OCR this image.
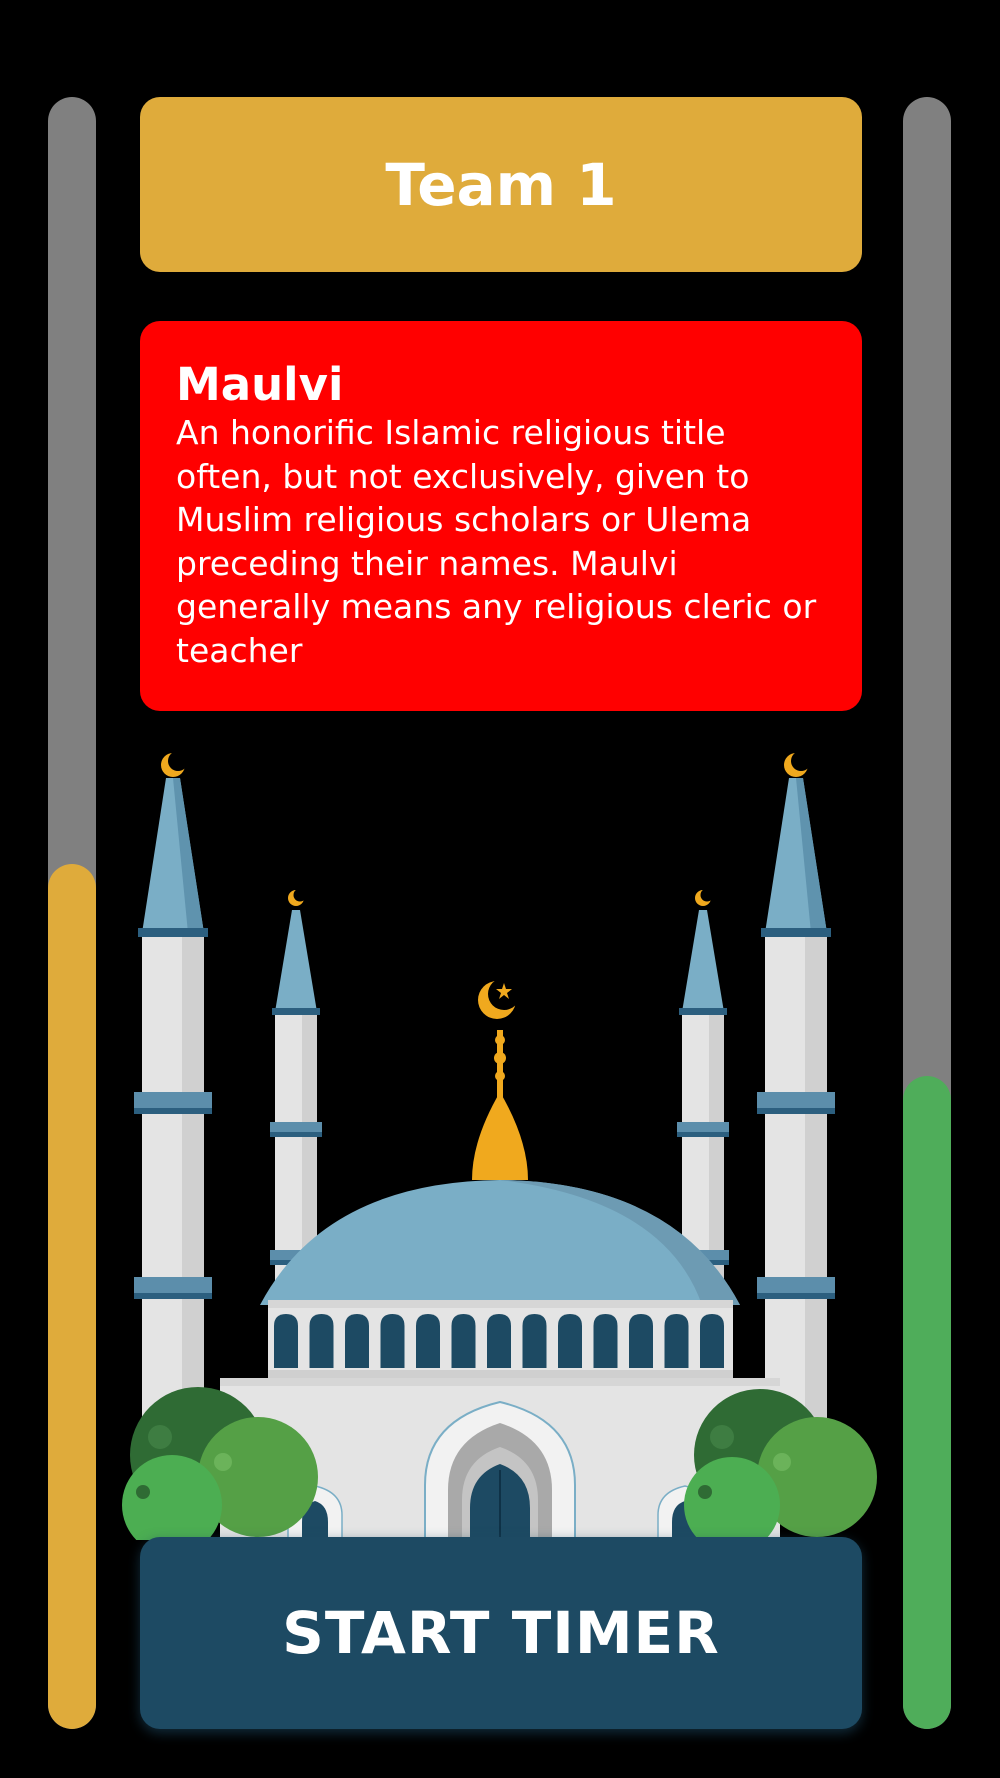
Team 1

Maulvi

An honorific Islamic religious title often, but not exclusively, given to Muslim religious scholars or Ulema preceding their names. Maulvi generally means any religious cleric or teacher

START TIMER
